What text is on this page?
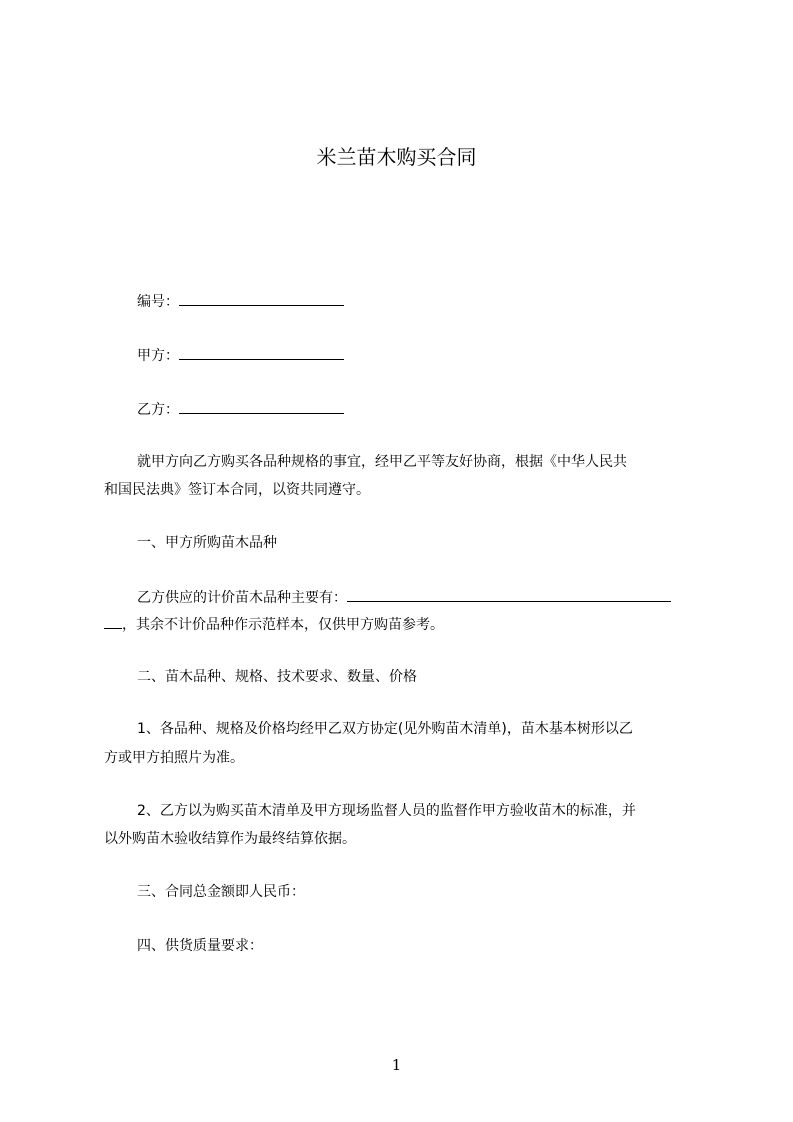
米兰苗木购买合同
编号：
甲方：
乙方：
就甲方向乙方购买各品种规格的事宜，经甲乙平等友好协商，根据《中华人民共
和国民法典》签订本合同，以资共同遵守。
一、甲方所购苗木品种
乙方供应的计价苗木品种主要有：
，其余不计价品种作示范样本，仅供甲方购苗参考。
二、苗木品种、规格、技术要求、数量、价格
1、各品种、规格及价格均经甲乙双方协定(见外购苗木清单)，苗木基本树形以乙
方或甲方拍照片为准。
2、乙方以为购买苗木清单及甲方现场监督人员的监督作甲方验收苗木的标准，并
以外购苗木验收结算作为最终结算依据。
三、合同总金额即人民币：
四、供货质量要求：
1
